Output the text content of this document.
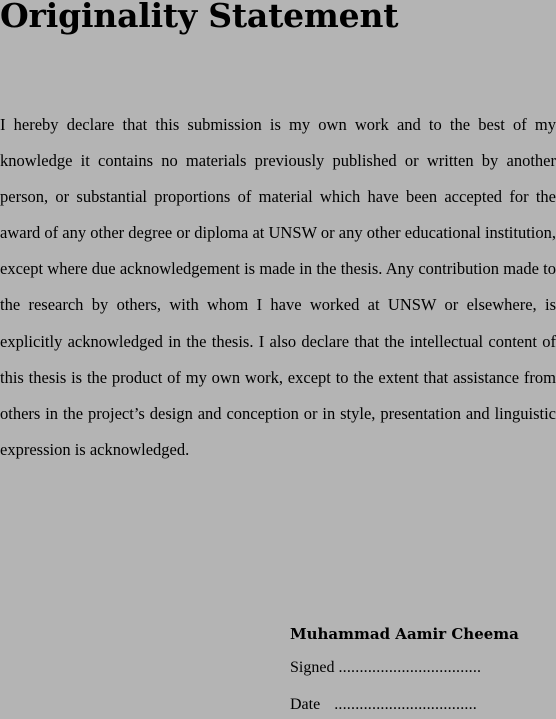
Originality Statement

I hereby declare that this submission is my own work and to the best of my knowledge it contains no materials previously published or written by another person, or substantial proportions of material which have been accepted for the award of any other degree or diploma at UNSW or any other educational institution, except where due acknowledgement is made in the thesis. Any contribution made to the research by others, with whom I have worked at UNSW or elsewhere, is explicitly acknowledged in the thesis. I also declare that the intellectual content of this thesis is the product of my own work, except to the extent that assistance from others in the project’s design and conception or in style, presentation and linguistic expression is acknowledged.

Muhammad Aamir Cheema
Signed ..................................
Date ..................................
